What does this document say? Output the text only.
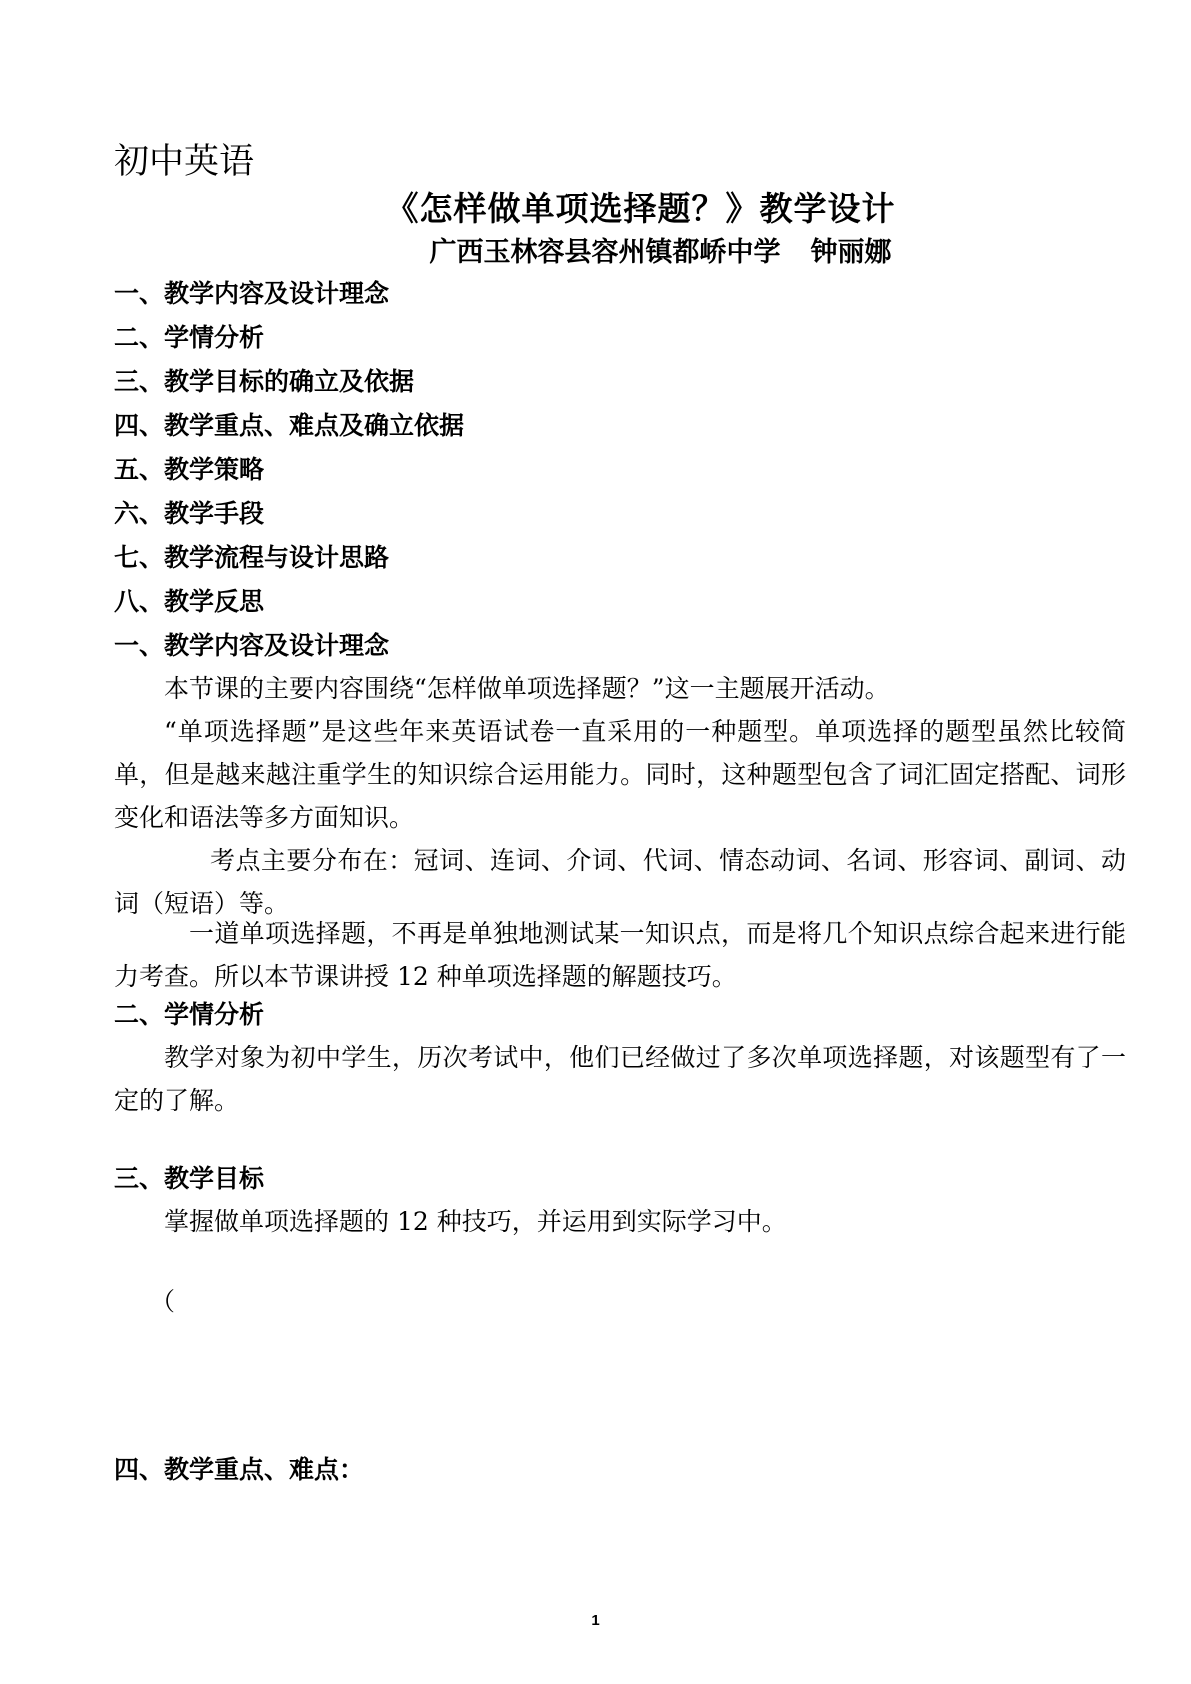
初中英语
《怎样做单项选择题？》教学设计
广西玉林容县容州镇都峤中学 钟丽娜
一、教学内容及设计理念
二、学情分析
三、教学目标的确立及依据
四、教学重点、难点及确立依据
五、教学策略
六、教学手段
七、教学流程与设计思路
八、教学反思
一、教学内容及设计理念

本节课的主要内容围绕“怎样做单项选择题？”这一主题展开活动。

“单项选择题”是这些年来英语试卷一直采用的一种题型。单项选择的题型虽然比较简单，但是越来越注重学生的知识综合运用能力。同时，这种题型包含了词汇固定搭配、词形变化和语法等多方面知识。

考点主要分布在：冠词、连词、介词、代词、情态动词、名词、形容词、副词、动词（短语）等。

一道单项选择题，不再是单独地测试某一知识点，而是将几个知识点综合起来进行能力考查。所以本节课讲授 12 种单项选择题的解题技巧。

二、学情分析

教学对象为初中学生，历次考试中，他们已经做过了多次单项选择题，对该题型有了一定的了解。

三、教学目标

掌握做单项选择题的 12 种技巧，并运用到实际学习中。

（
四、教学重点、难点：
1
